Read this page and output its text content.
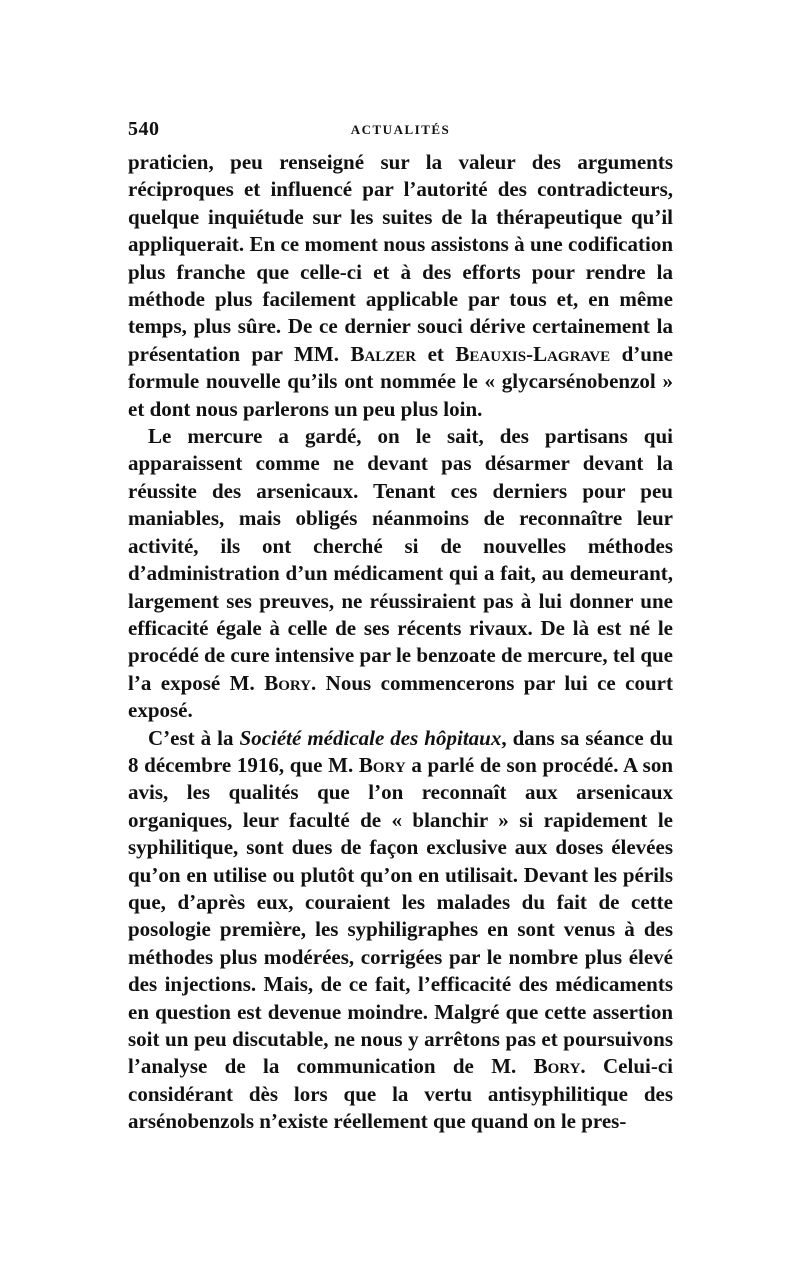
540	ACTUALITÉS

praticien, peu renseigné sur la valeur des arguments réciproques et influencé par l’autorité des contradicteurs, quelque inquiétude sur les suites de la thérapeutique qu’il appliquerait. En ce moment nous assistons à une codification plus franche que celle-ci et à des efforts pour rendre la méthode plus facilement applicable par tous et, en même temps, plus sûre. De ce dernier souci dérive certainement la présentation par MM. Balzer et Beauxis-Lagrave d’une formule nouvelle qu’ils ont nommée le « glycarsénobenzol » et dont nous parlerons un peu plus loin.

Le mercure a gardé, on le sait, des partisans qui apparaissent comme ne devant pas désarmer devant la réussite des arsenicaux. Tenant ces derniers pour peu maniables, mais obligés néanmoins de reconnaître leur activité, ils ont cherché si de nouvelles méthodes d’administration d’un médicament qui a fait, au demeurant, largement ses preuves, ne réussiraient pas à lui donner une efficacité égale à celle de ses récents rivaux. De là est né le procédé de cure intensive par le benzoate de mercure, tel que l’a exposé M. Bory. Nous commencerons par lui ce court exposé.

C’est à la Société médicale des hôpitaux, dans sa séance du 8 décembre 1916, que M. Bory a parlé de son procédé. A son avis, les qualités que l’on reconnaît aux arsenicaux organiques, leur faculté de « blanchir » si rapidement le syphilitique, sont dues de façon exclusive aux doses élevées qu’on en utilise ou plutôt qu’on en utilisait. Devant les périls que, d’après eux, couraient les malades du fait de cette posologie première, les syphiligraphes en sont venus à des méthodes plus modérées, corrigées par le nombre plus élevé des injections. Mais, de ce fait, l’efficacité des médicaments en question est devenue moindre. Malgré que cette assertion soit un peu discutable, ne nous y arrêtons pas et poursuivons l’analyse de la communication de M. Bory. Celui-ci considérant dès lors que la vertu antisyphilitique des arsénobenzols n’existe réellement que quand on le pres-
